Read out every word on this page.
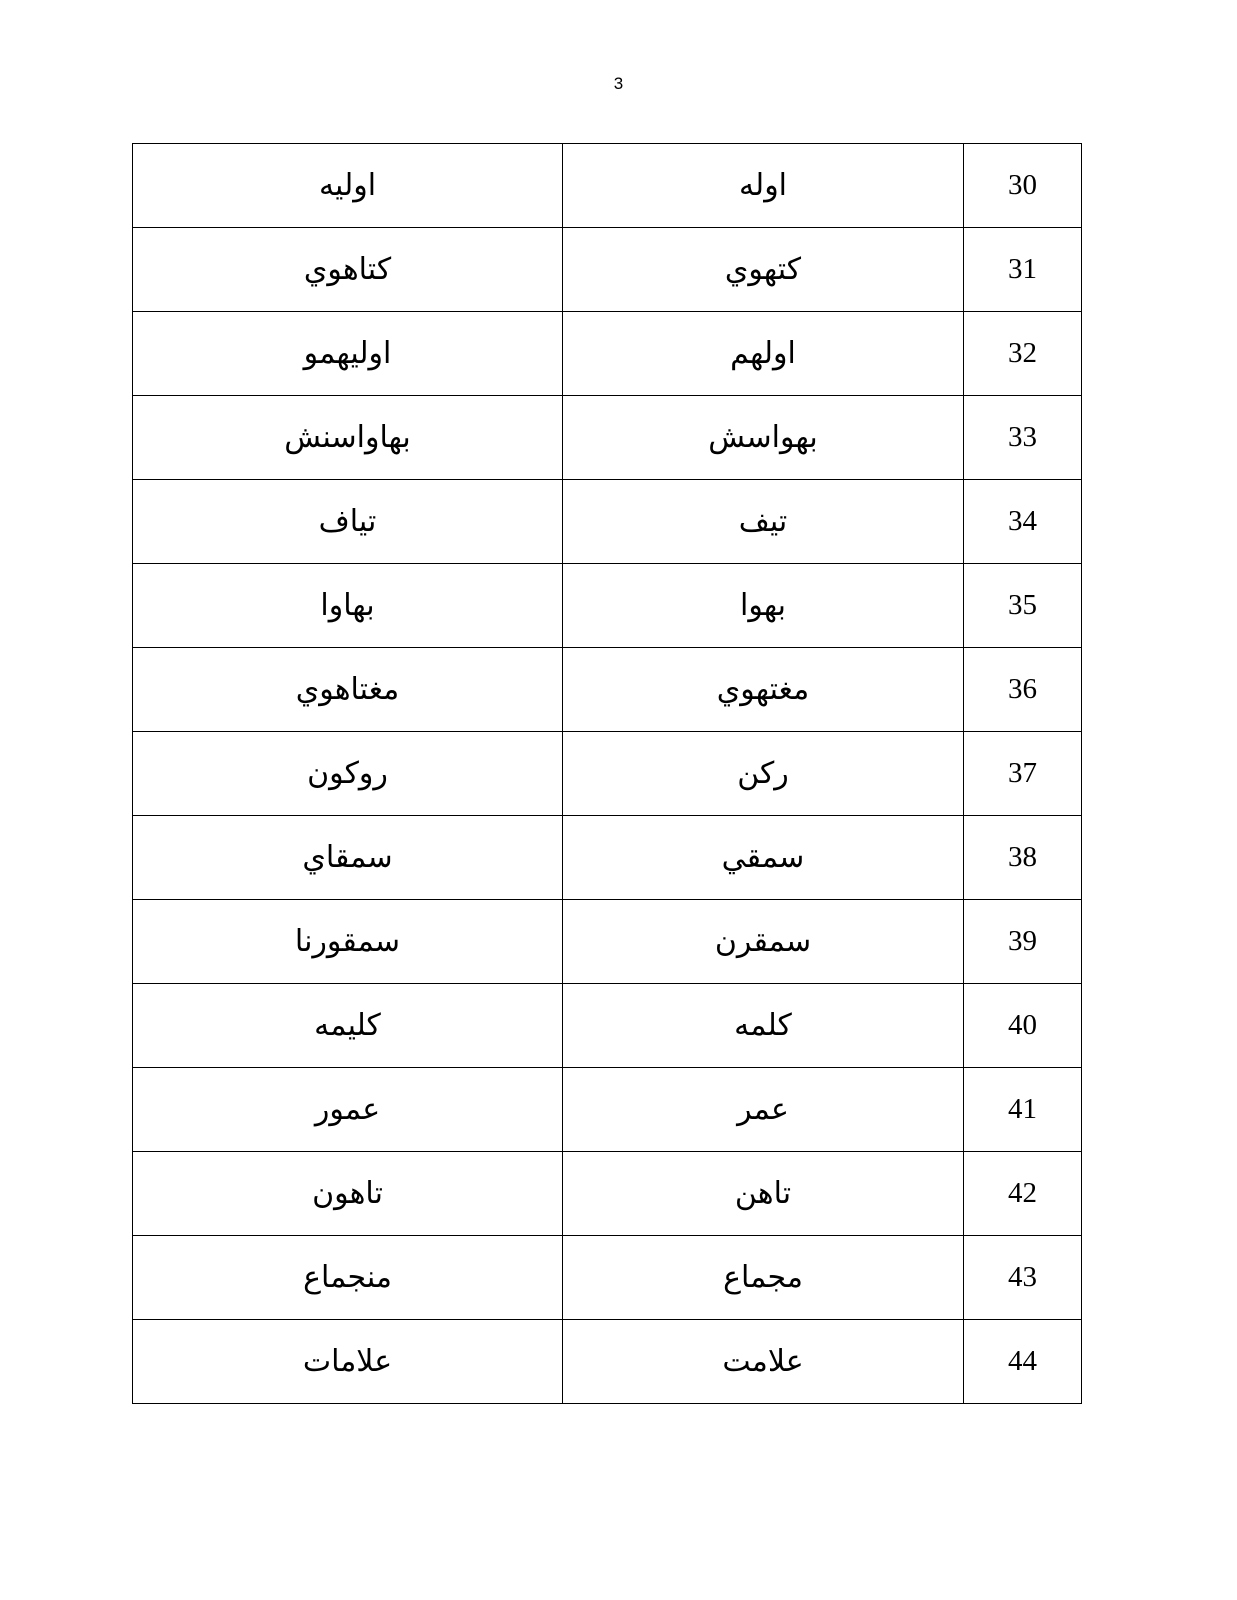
3
اوليه	اوله	30
كتاهوي	كتهوي	31
اوليهمو	اولهم	32
بهاواسنش	بهواسش	33
تياف	تيف	34
بهاوا	بهوا	35
مغتاهوي	مغتهوي	36
روكون	ركن	37
سمقاي	سمقي	38
سمقورنا	سمقرن	39
كليمه	كلمه	40
عمور	عمر	41
تاهون	تاهن	42
منجماع	مجماع	43
علامات	علامت	44
